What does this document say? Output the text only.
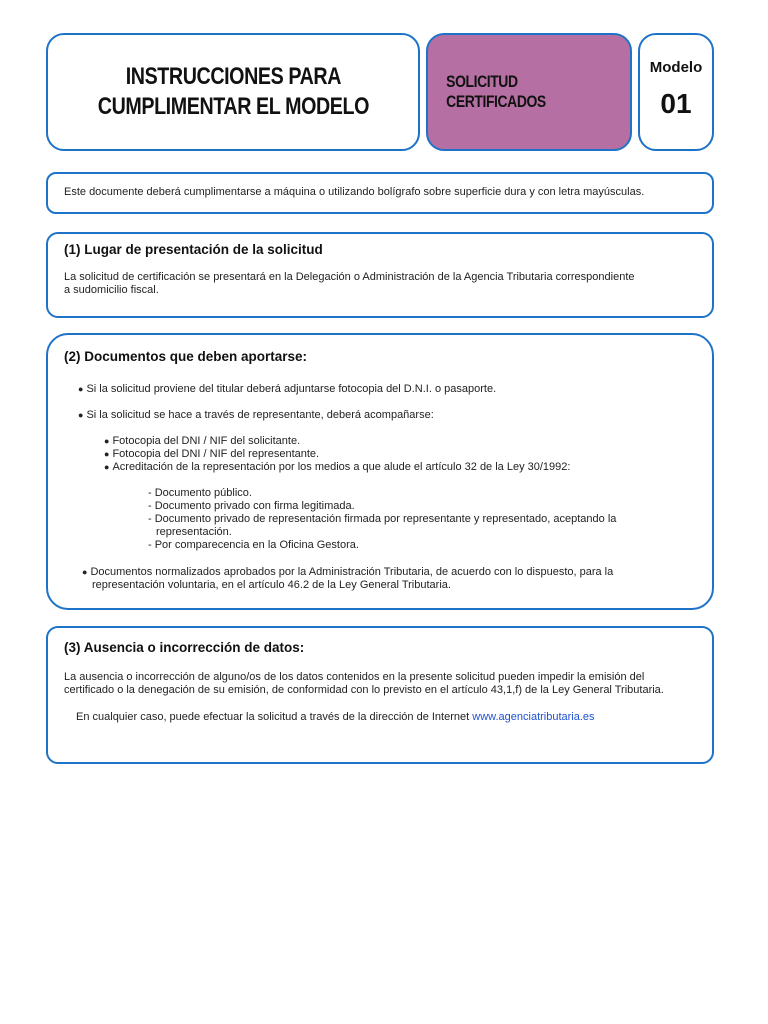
INSTRUCCIONES PARA
CUMPLIMENTAR EL MODELO
SOLICITUD CERTIFICADOS
Modelo
01
Este documente deberá cumplimentarse a máquina o utilizando bolígrafo sobre superficie dura y con letra mayúsculas.

(1) Lugar de presentación de la solicitud

La solicitud de certificación se presentará en la Delegación o Administración de la Agencia Tributaria correspondiente

a sudomicilio fiscal.

(2) Documentos que deben aportarse:

● Si la solicitud proviene del titular deberá adjuntarse fotocopia del D.N.I. o pasaporte.
● Si la solicitud se hace a través de representante, deberá acompañarse:
● Fotocopia del DNI / NIF del solicitante.
● Fotocopia del DNI / NIF del representante.
● Acreditación de la representación por los medios a que alude el artículo 32 de la Ley 30/1992:
- Documento público.
- Documento privado con firma legitimada.
- Documento privado de representación firmada por representante y representado, aceptando la
representación.
- Por comparecencia en la Oficina Gestora.
● Documentos normalizados aprobados por la Administración Tributaria, de acuerdo con lo dispuesto, para la
representación voluntaria, en el artículo 46.2 de la Ley General Tributaria.

(3) Ausencia o incorrección de datos:

La ausencia o incorrección de alguno/os de los datos contenidos en la presente solicitud pueden impedir la emisión del

certificado o la denegación de su emisión, de conformidad con lo previsto en el artículo 43,1,f) de la Ley General Tributaria.

En cualquier caso, puede efectuar la solicitud a través de la dirección de Internet www.agenciatributaria.es
